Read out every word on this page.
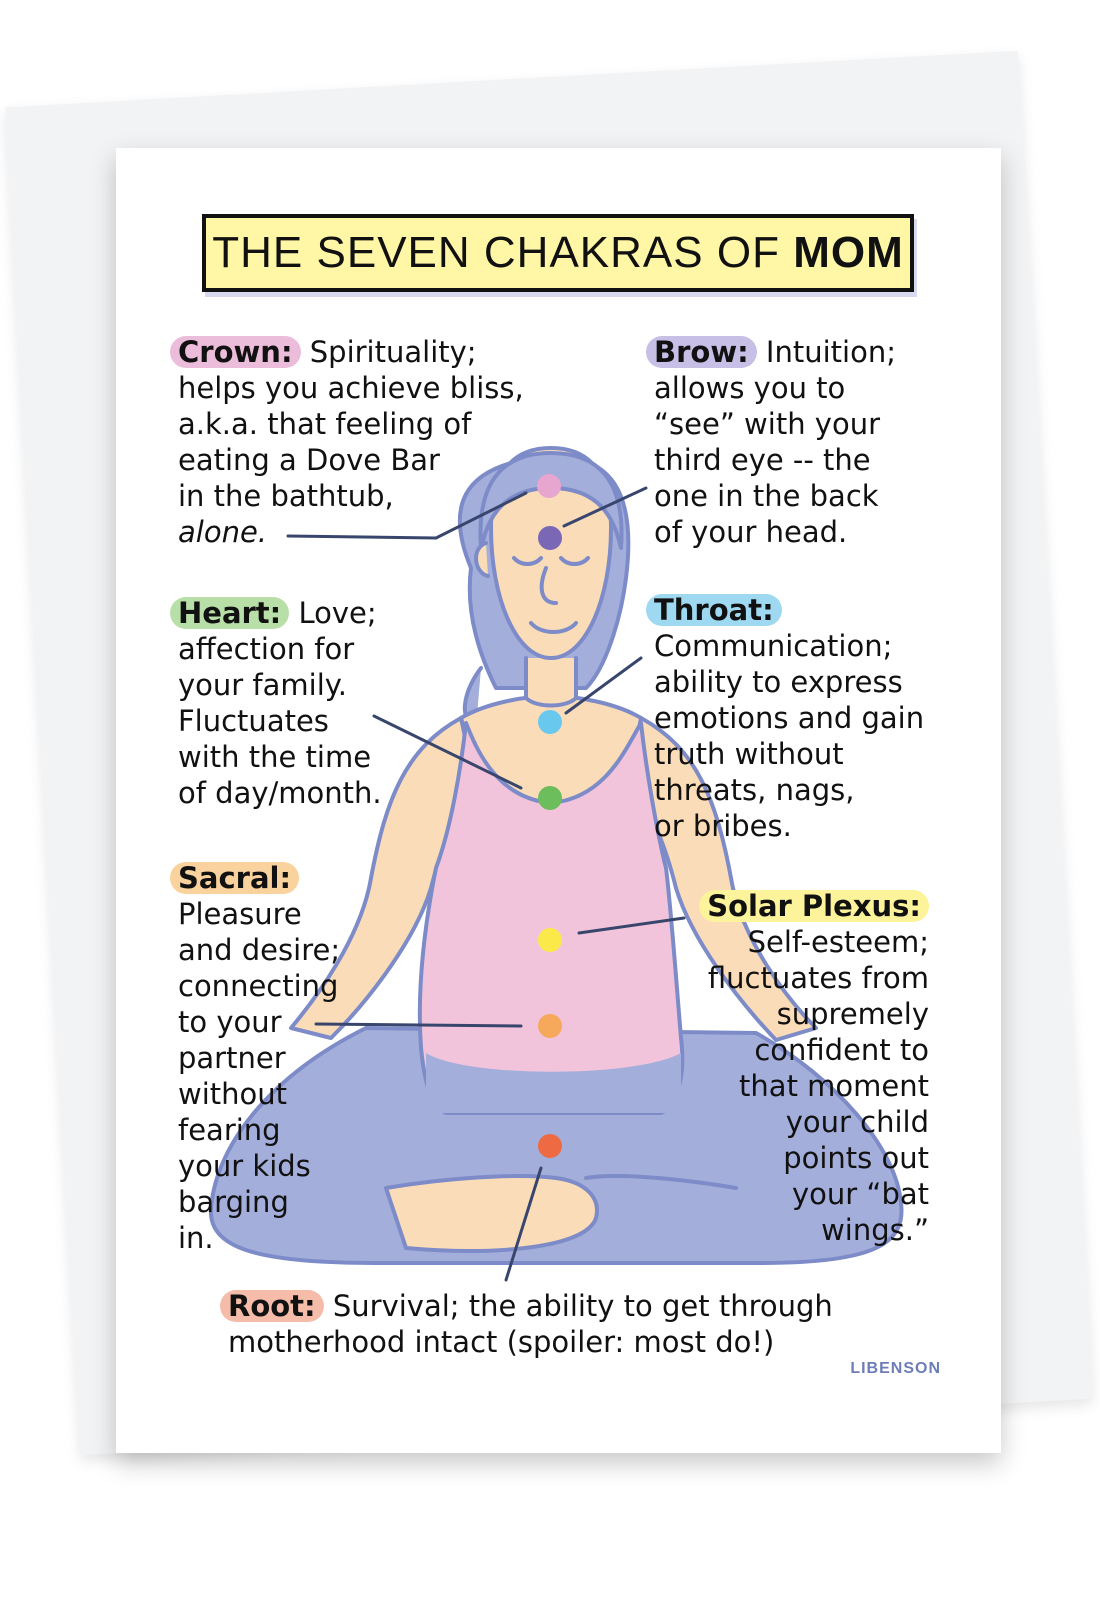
THE SEVEN CHAKRAS OF MOM
Crown: Spirituality;
helps you achieve bliss,
a.k.a. that feeling of
eating a Dove Bar
in the bathtub,
alone.
Brow: Intuition;
allows you to
“see” with your
third eye -- the
one in the back
of your head.
Heart: Love;
affection for
your family.
Fluctuates
with the time
of day/month.
Throat:
Communication;
ability to express
emotions and gain
truth without
threats, nags,
or bribes.
Sacral:
Pleasure
and desire;
connecting
to your
partner
without
fearing
your kids
barging
in.
Solar Plexus:
Self-esteem;
fluctuates from
supremely
confident to
that moment
your child
points out
your “bat
wings.”
Root: Survival; the ability to get through
motherhood intact (spoiler: most do!)
LIBENSON
